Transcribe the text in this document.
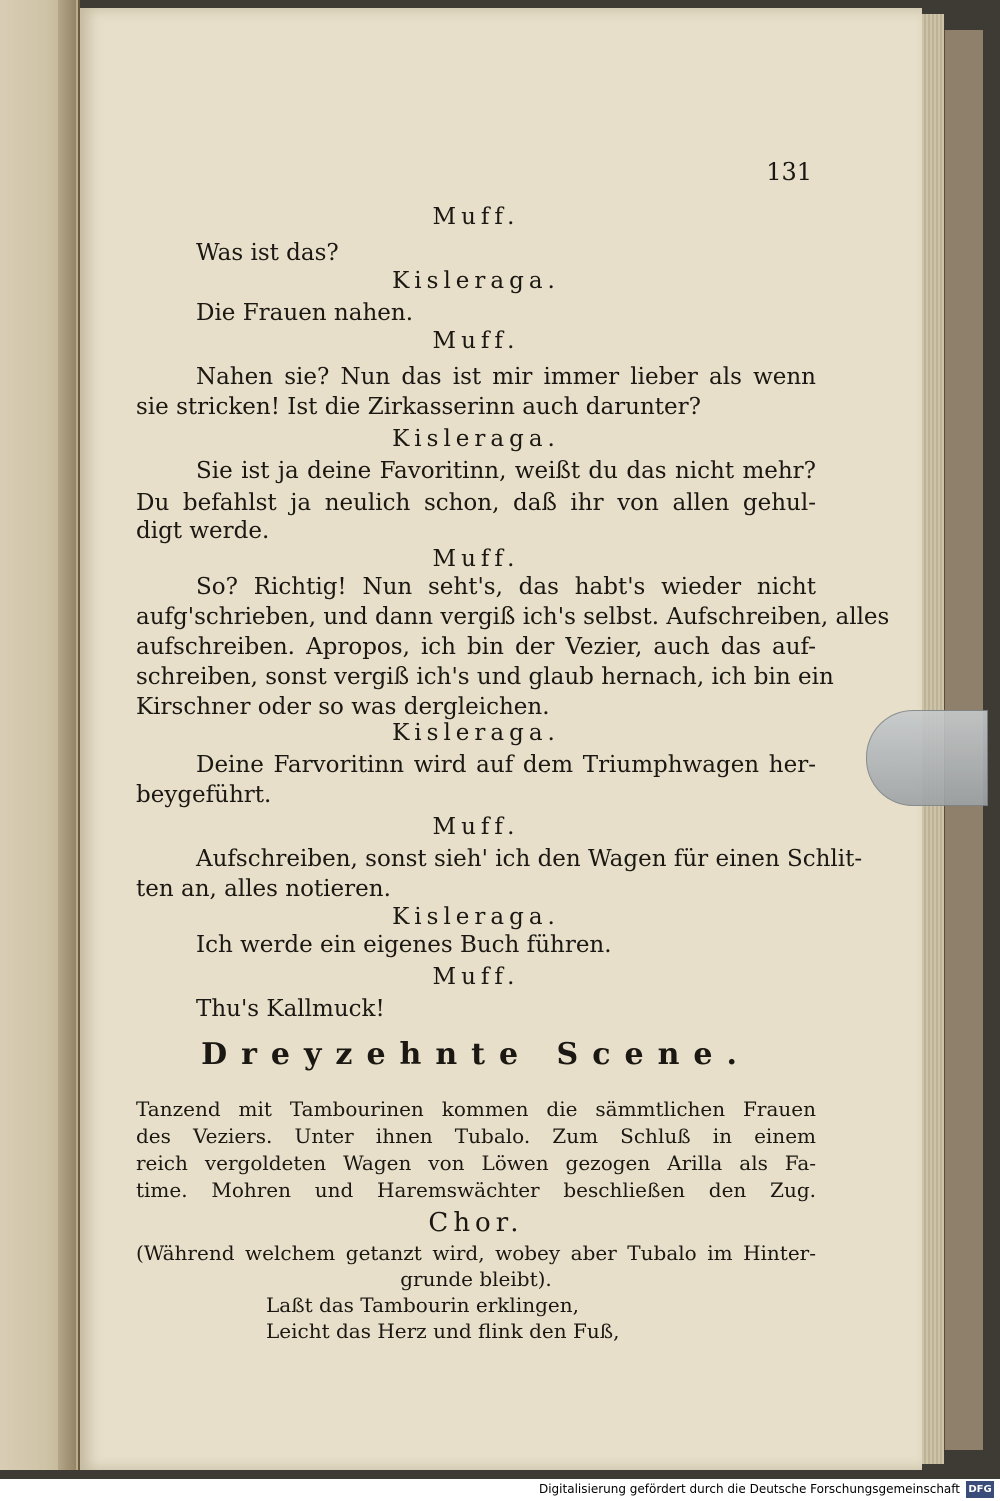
131
Muff.
Was ist das?
Kisleraga.
Die Frauen nahen.
Muff.
Nahen sie? Nun das ist mir immer lieber als wenn
sie stricken! Ist die Zirkasserinn auch darunter?
Kisleraga.
Sie ist ja deine Favoritinn, weißt du das nicht mehr?
Du befahlst ja neulich schon, daß ihr von allen gehul-
digt werde.
Muff.
So? Richtig! Nun seht's, das habt's wieder nicht
aufg'schrieben, und dann vergiß ich's selbst. Aufschreiben, alles
aufschreiben. Apropos, ich bin der Vezier, auch das auf-
schreiben, sonst vergiß ich's und glaub hernach, ich bin ein
Kirschner oder so was dergleichen.
Kisleraga.
Deine Farvoritinn wird auf dem Triumphwagen her-
beygeführt.
Muff.
Aufschreiben, sonst sieh' ich den Wagen für einen Schlit-
ten an, alles notieren.
Kisleraga.
Ich werde ein eigenes Buch führen.
Muff.
Thu's Kallmuck!
Dreyzehnte Scene.
Tanzend mit Tambourinen kommen die sämmtlichen Frauen
des Veziers. Unter ihnen Tubalo. Zum Schluß in einem
reich vergoldeten Wagen von Löwen gezogen Arilla als Fa-
time. Mohren und Haremswächter beschließen den Zug.
Chor.
(Während welchem getanzt wird, wobey aber Tubalo im Hinter-
grunde bleibt).
Laßt das Tambourin erklingen,
Leicht das Herz und flink den Fuß,
Digitalisierung gefördert durch die Deutsche Forschungsgemeinschaft DFG
